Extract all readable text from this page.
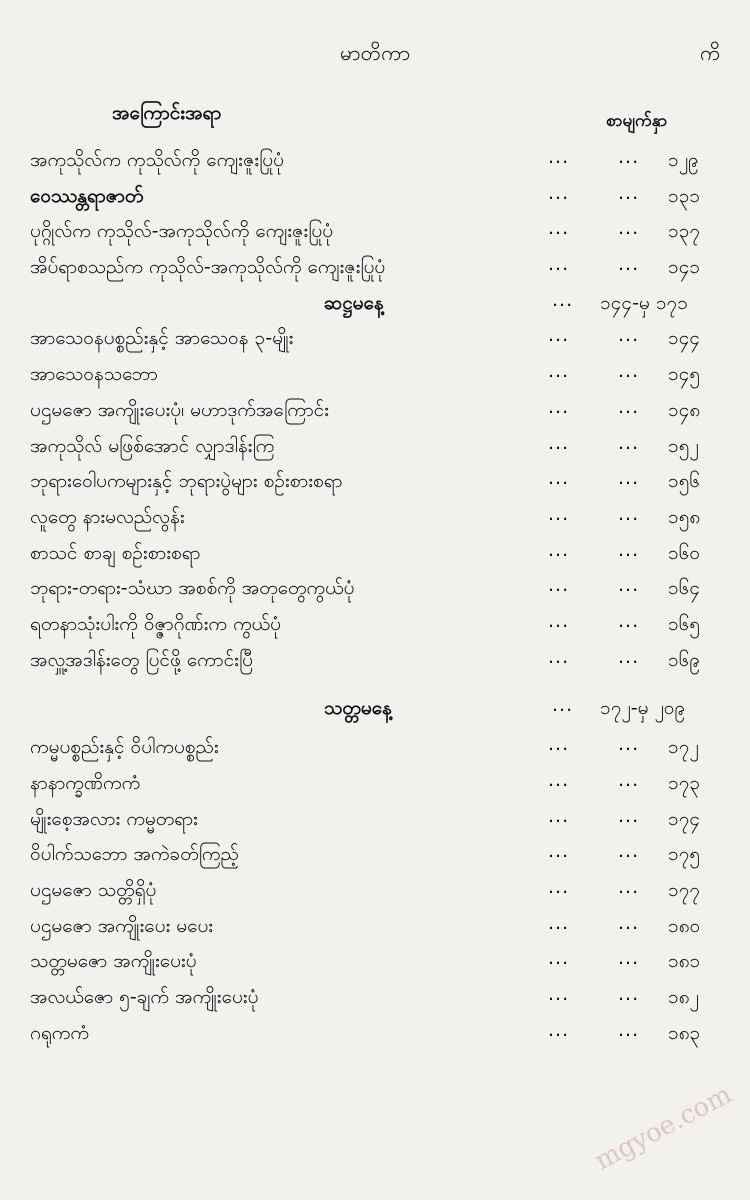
မာတိကာ	ကိ
အကြောင်းအရာ	စာမျက်နှာ
အကုသိုလ်က ကုသိုလ်ကို ကျေးဇူးပြုပုံ	...	... ၁၂၉
ဝေဿန္တရာဇာတ်	...	... ၁၃၁
ပုဂ္ဂိုလ်က ကုသိုလ်-အကုသိုလ်ကို ကျေးဇူးပြုပုံ	...	... ၁၃၇
အိပ်ရာစသည်က ကုသိုလ်-အကုသိုလ်ကို ကျေးဇူးပြုပုံ	...	... ၁၄၁
ဆဋ္ဌမနေ့	... ၁၄၄-မှ ၁၇၁
အာသေဝနပစ္စည်းနှင့် အာသေဝန ၃-မျိုး	...	... ၁၄၄
အာသေဝနသဘော	...	... ၁၄၅
ပဌမဇော အကျိုးပေးပုံ၊ မဟာဒုက်အကြောင်း	...	... ၁၄၈
အကုသိုလ် မဖြစ်အောင် လျှာဒါန်းကြ	...	... ၁၅၂
ဘုရားဝေါပကများနှင့် ဘုရားပွဲများ စဉ်းစားစရာ	...	... ၁၅၆
လူတွေ နားမလည်လွန်း	...	... ၁၅၈
စာသင် စာချ စဉ်းစားစရာ	...	... ၁၆၀
ဘုရား-တရား-သံဃာ အစစ်ကို အတုတွေကွယ်ပုံ	...	... ၁၆၄
ရတနာသုံးပါးကို ဝိဇ္ဇာဂိုဏ်းက ကွယ်ပုံ	...	... ၁၆၅
အလှူ့အဒါန်းတွေ ပြင်ဖို့ ကောင်းပြီ	...	... ၁၆၉
သတ္တမနေ့	... ၁၇၂-မှ ၂၀၉
ကမ္မပစ္စည်းနှင့် ဝိပါကပစ္စည်း	...	... ၁၇၂
နာနာက္ခဏိကကံ	...	... ၁၇၃
မျိုးစေ့အလား ကမ္မတရား	...	... ၁၇၄
ဝိပါက်သဘော အကဲခတ်ကြည့်	...	... ၁၇၅
ပဌမဇော သတ္တိရှိပုံ	...	... ၁၇၇
ပဌမဇော အကျိုးပေး မပေး	...	... ၁၈၀
သတ္တမဇော အကျိုးပေးပုံ	...	... ၁၈၁
အလယ်ဇော ၅-ချက် အကျိုးပေးပုံ	...	... ၁၈၂
ဂရုကကံ	...	... ၁၈၃
mgyoe.com
